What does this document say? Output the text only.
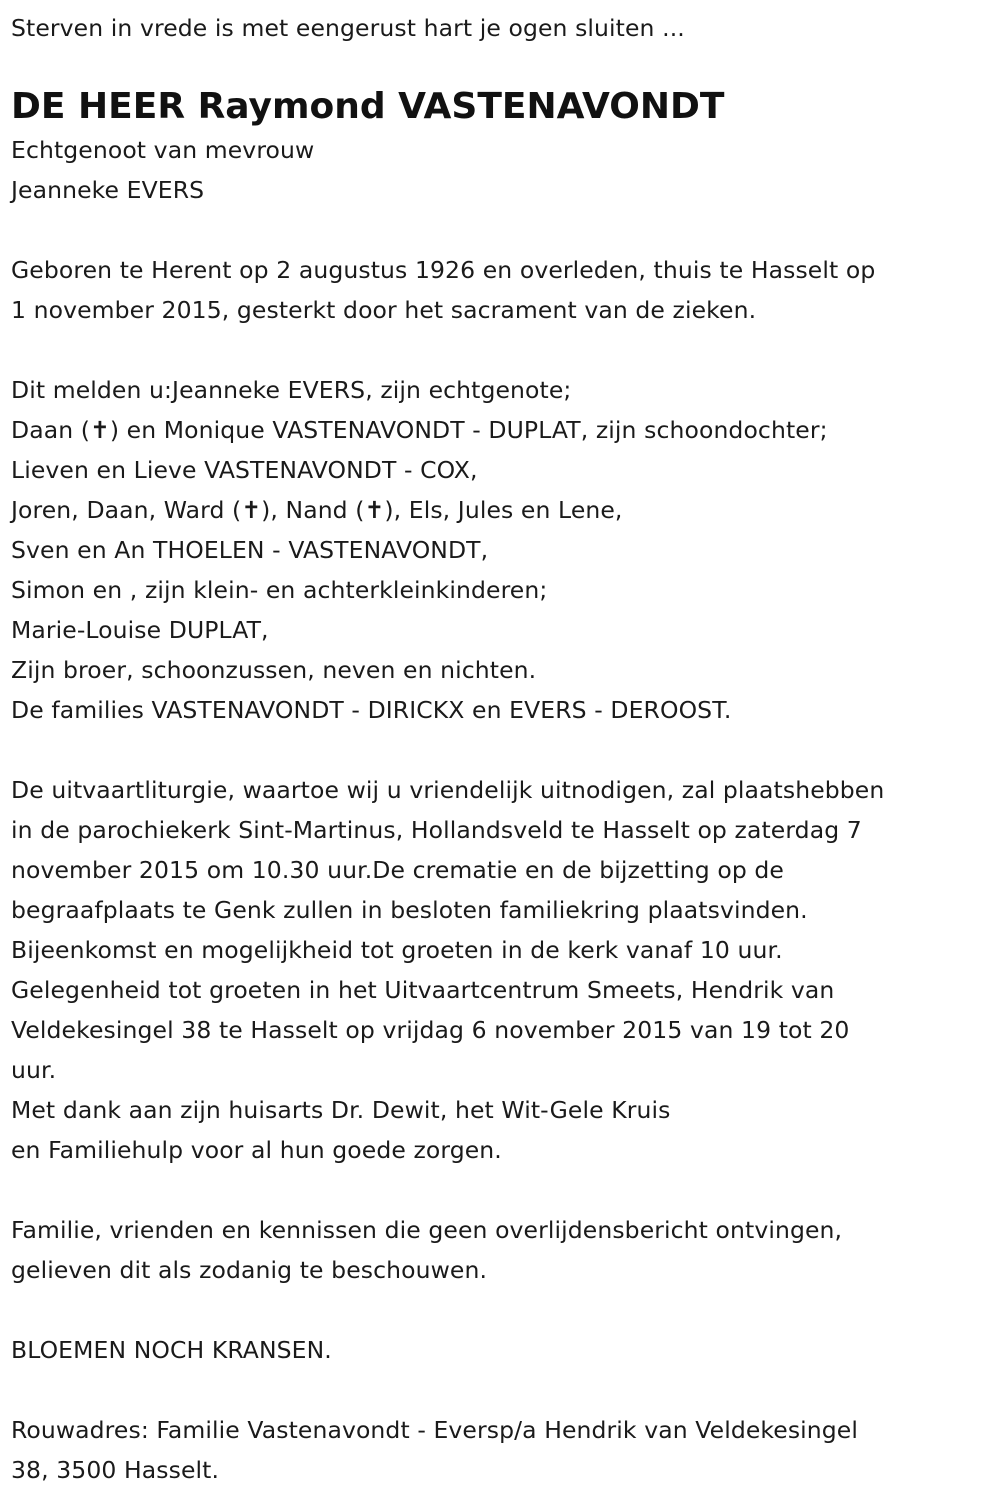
Sterven in vrede is met eengerust hart je ogen sluiten ...
DE HEER Raymond VASTENAVONDT
Echtgenoot van mevrouw
Jeanneke EVERS
Geboren te Herent op 2 augustus 1926 en overleden, thuis te Hasselt op
1 november 2015, gesterkt door het sacrament van de zieken.
Dit melden u:Jeanneke EVERS, zijn echtgenote;
Daan (✝) en Monique VASTENAVONDT - DUPLAT, zijn schoondochter;
Lieven en Lieve VASTENAVONDT - COX,
Joren, Daan, Ward (✝), Nand (✝), Els, Jules en Lene,
Sven en An THOELEN - VASTENAVONDT,
Simon en , zijn klein- en achterkleinkinderen;
Marie-Louise DUPLAT,
Zijn broer, schoonzussen, neven en nichten.
De families VASTENAVONDT - DIRICKX en EVERS - DEROOST.
De uitvaartliturgie, waartoe wij u vriendelijk uitnodigen, zal plaatshebben
in de parochiekerk Sint-Martinus, Hollandsveld te Hasselt op zaterdag 7
november 2015 om 10.30 uur.De crematie en de bijzetting op de
begraafplaats te Genk zullen in besloten familiekring plaatsvinden.
Bijeenkomst en mogelijkheid tot groeten in de kerk vanaf 10 uur.
Gelegenheid tot groeten in het Uitvaartcentrum Smeets, Hendrik van
Veldekesingel 38 te Hasselt op vrijdag 6 november 2015 van 19 tot 20
uur.
Met dank aan zijn huisarts Dr. Dewit, het Wit-Gele Kruis
en Familiehulp voor al hun goede zorgen.
Familie, vrienden en kennissen die geen overlijdensbericht ontvingen,
gelieven dit als zodanig te beschouwen.
BLOEMEN NOCH KRANSEN.
Rouwadres: Familie Vastenavondt - Eversp/a Hendrik van Veldekesingel
38, 3500 Hasselt.
